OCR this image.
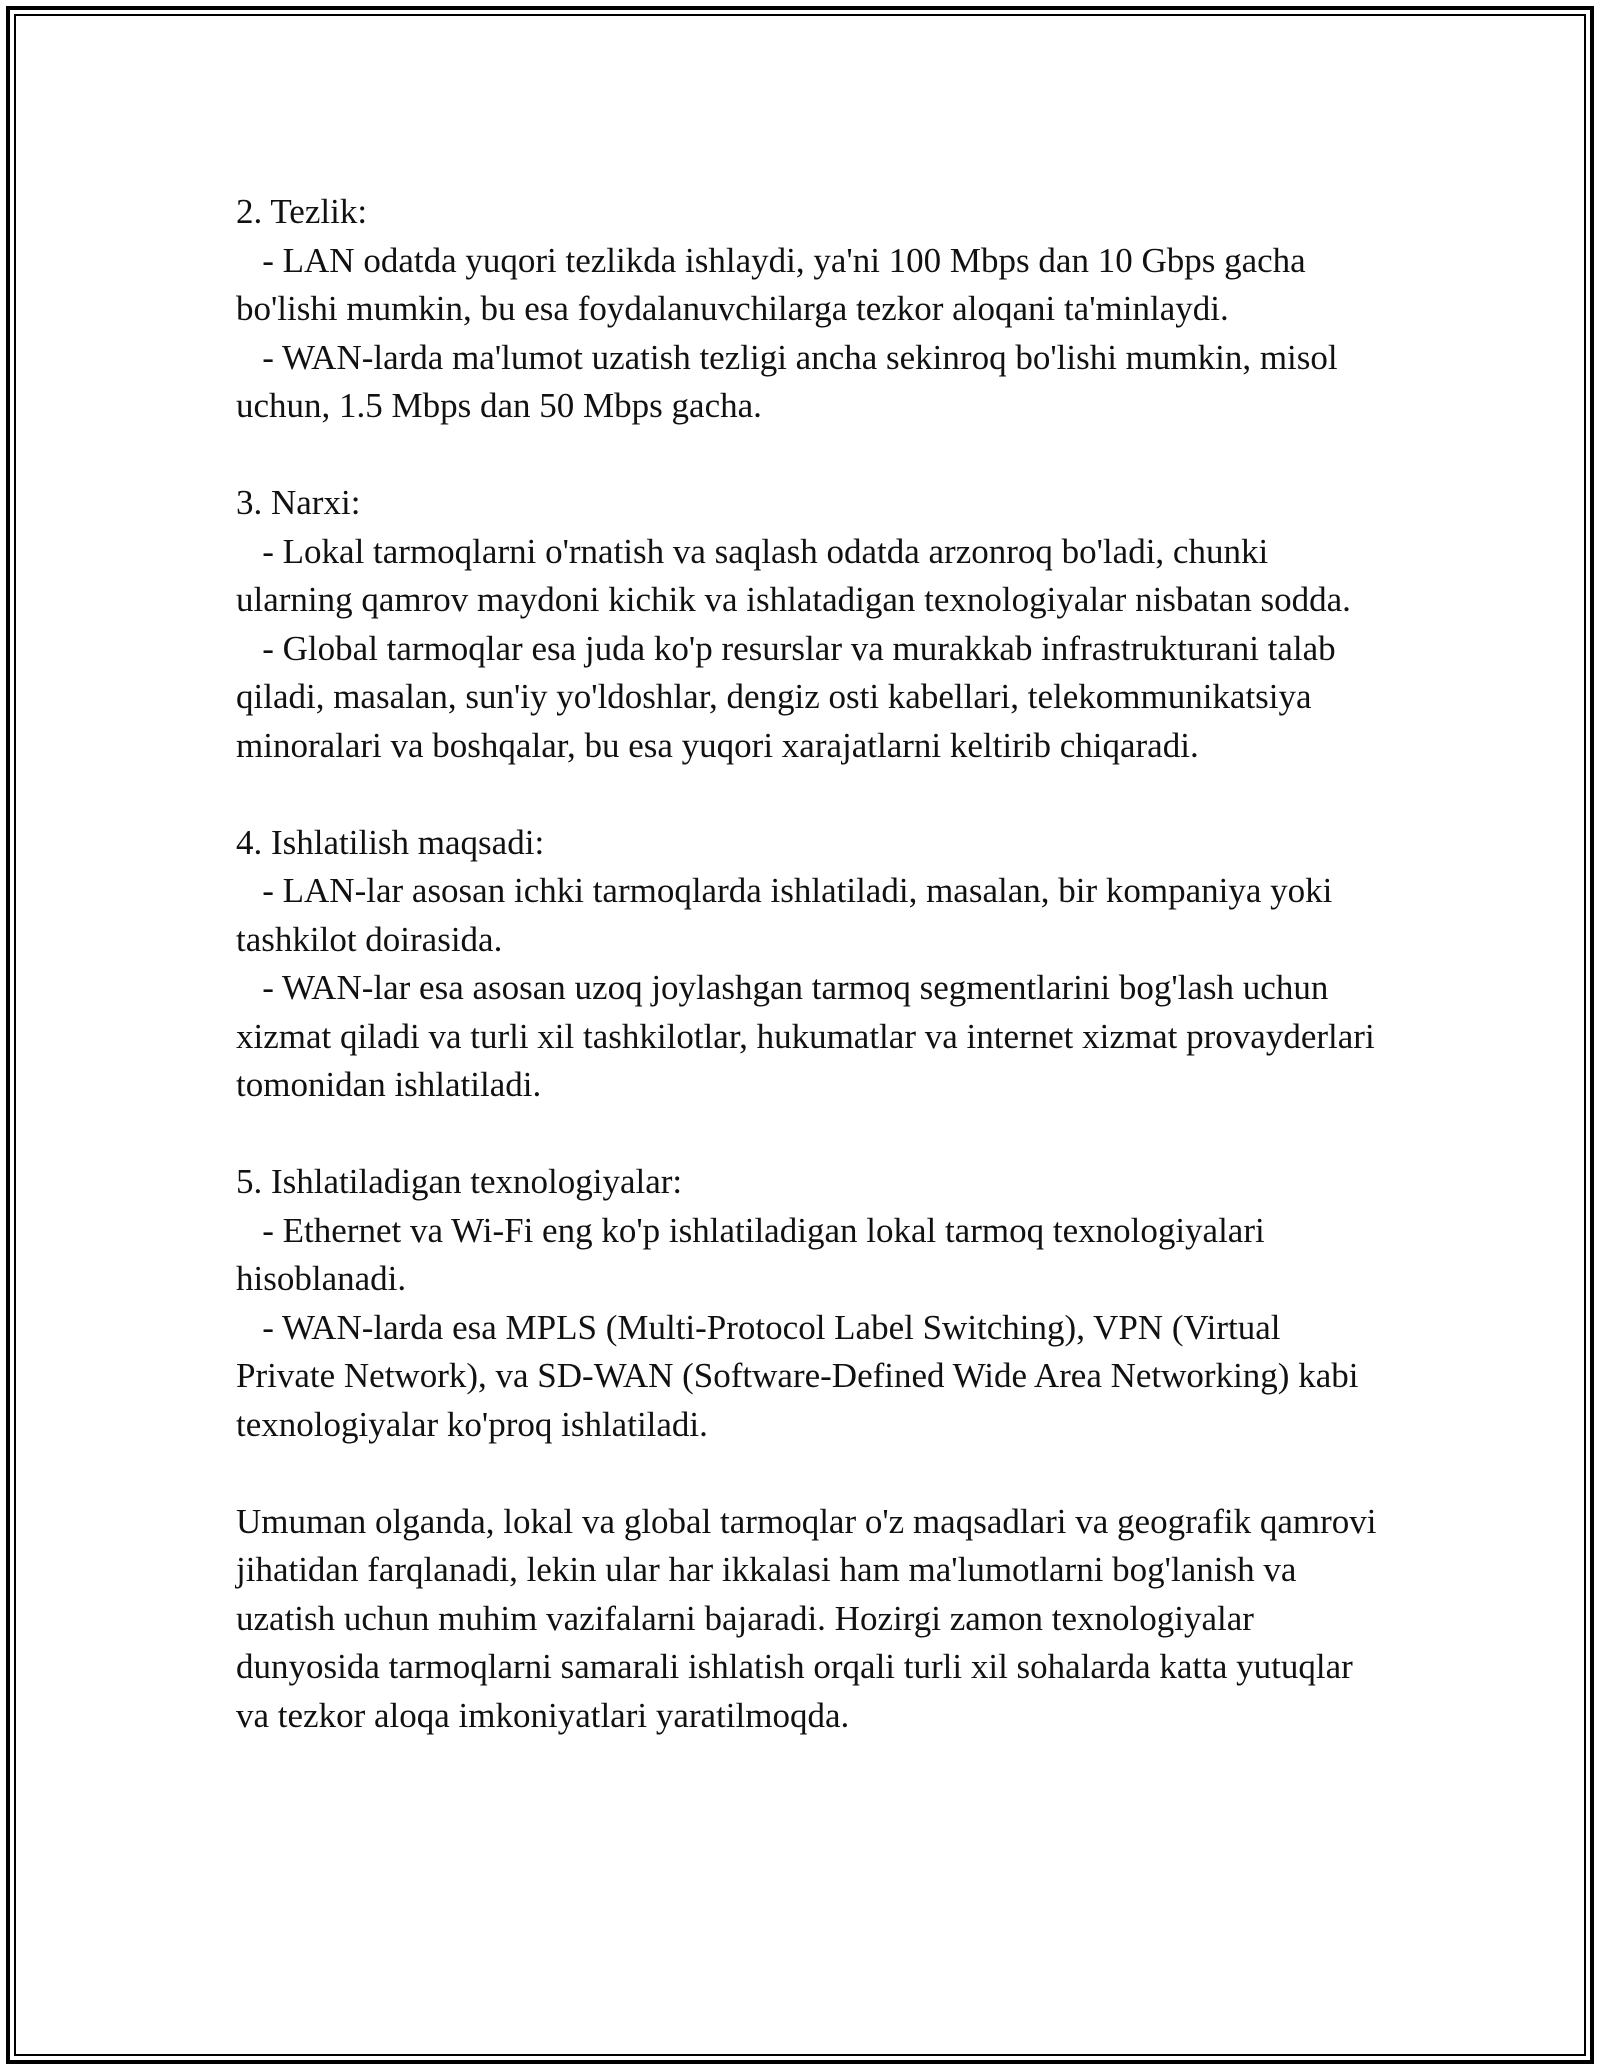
2. Tezlik:

- LAN odatda yuqori tezlikda ishlaydi, ya'ni 100 Mbps dan 10 Gbps gacha bo'lishi mumkin, bu esa foydalanuvchilarga tezkor aloqani ta'minlaydi.

- WAN-larda ma'lumot uzatish tezligi ancha sekinroq bo'lishi mumkin, misol uchun, 1.5 Mbps dan 50 Mbps gacha.

3. Narxi:

- Lokal tarmoqlarni o'rnatish va saqlash odatda arzonroq bo'ladi, chunki ularning qamrov maydoni kichik va ishlatadigan texnologiyalar nisbatan sodda.

- Global tarmoqlar esa juda ko'p resurslar va murakkab infrastrukturani talab qiladi, masalan, sun'iy yo'ldoshlar, dengiz osti kabellari, telekommunikatsiya minoralari va boshqalar, bu esa yuqori xarajatlarni keltirib chiqaradi.

4. Ishlatilish maqsadi:

- LAN-lar asosan ichki tarmoqlarda ishlatiladi, masalan, bir kompaniya yoki tashkilot doirasida.

- WAN-lar esa asosan uzoq joylashgan tarmoq segmentlarini bog'lash uchun xizmat qiladi va turli xil tashkilotlar, hukumatlar va internet xizmat provayderlari tomonidan ishlatiladi.

5. Ishlatiladigan texnologiyalar:

- Ethernet va Wi-Fi eng ko'p ishlatiladigan lokal tarmoq texnologiyalari hisoblanadi.

- WAN-larda esa MPLS (Multi-Protocol Label Switching), VPN (Virtual Private Network), va SD-WAN (Software-Defined Wide Area Networking) kabi texnologiyalar ko'proq ishlatiladi.

Umuman olganda, lokal va global tarmoqlar o'z maqsadlari va geografik qamrovi jihatidan farqlanadi, lekin ular har ikkalasi ham ma'lumotlarni bog'lanish va uzatish uchun muhim vazifalarni bajaradi. Hozirgi zamon texnologiyalar dunyosida tarmoqlarni samarali ishlatish orqali turli xil sohalarda katta yutuqlar va tezkor aloqa imkoniyatlari yaratilmoqda.
